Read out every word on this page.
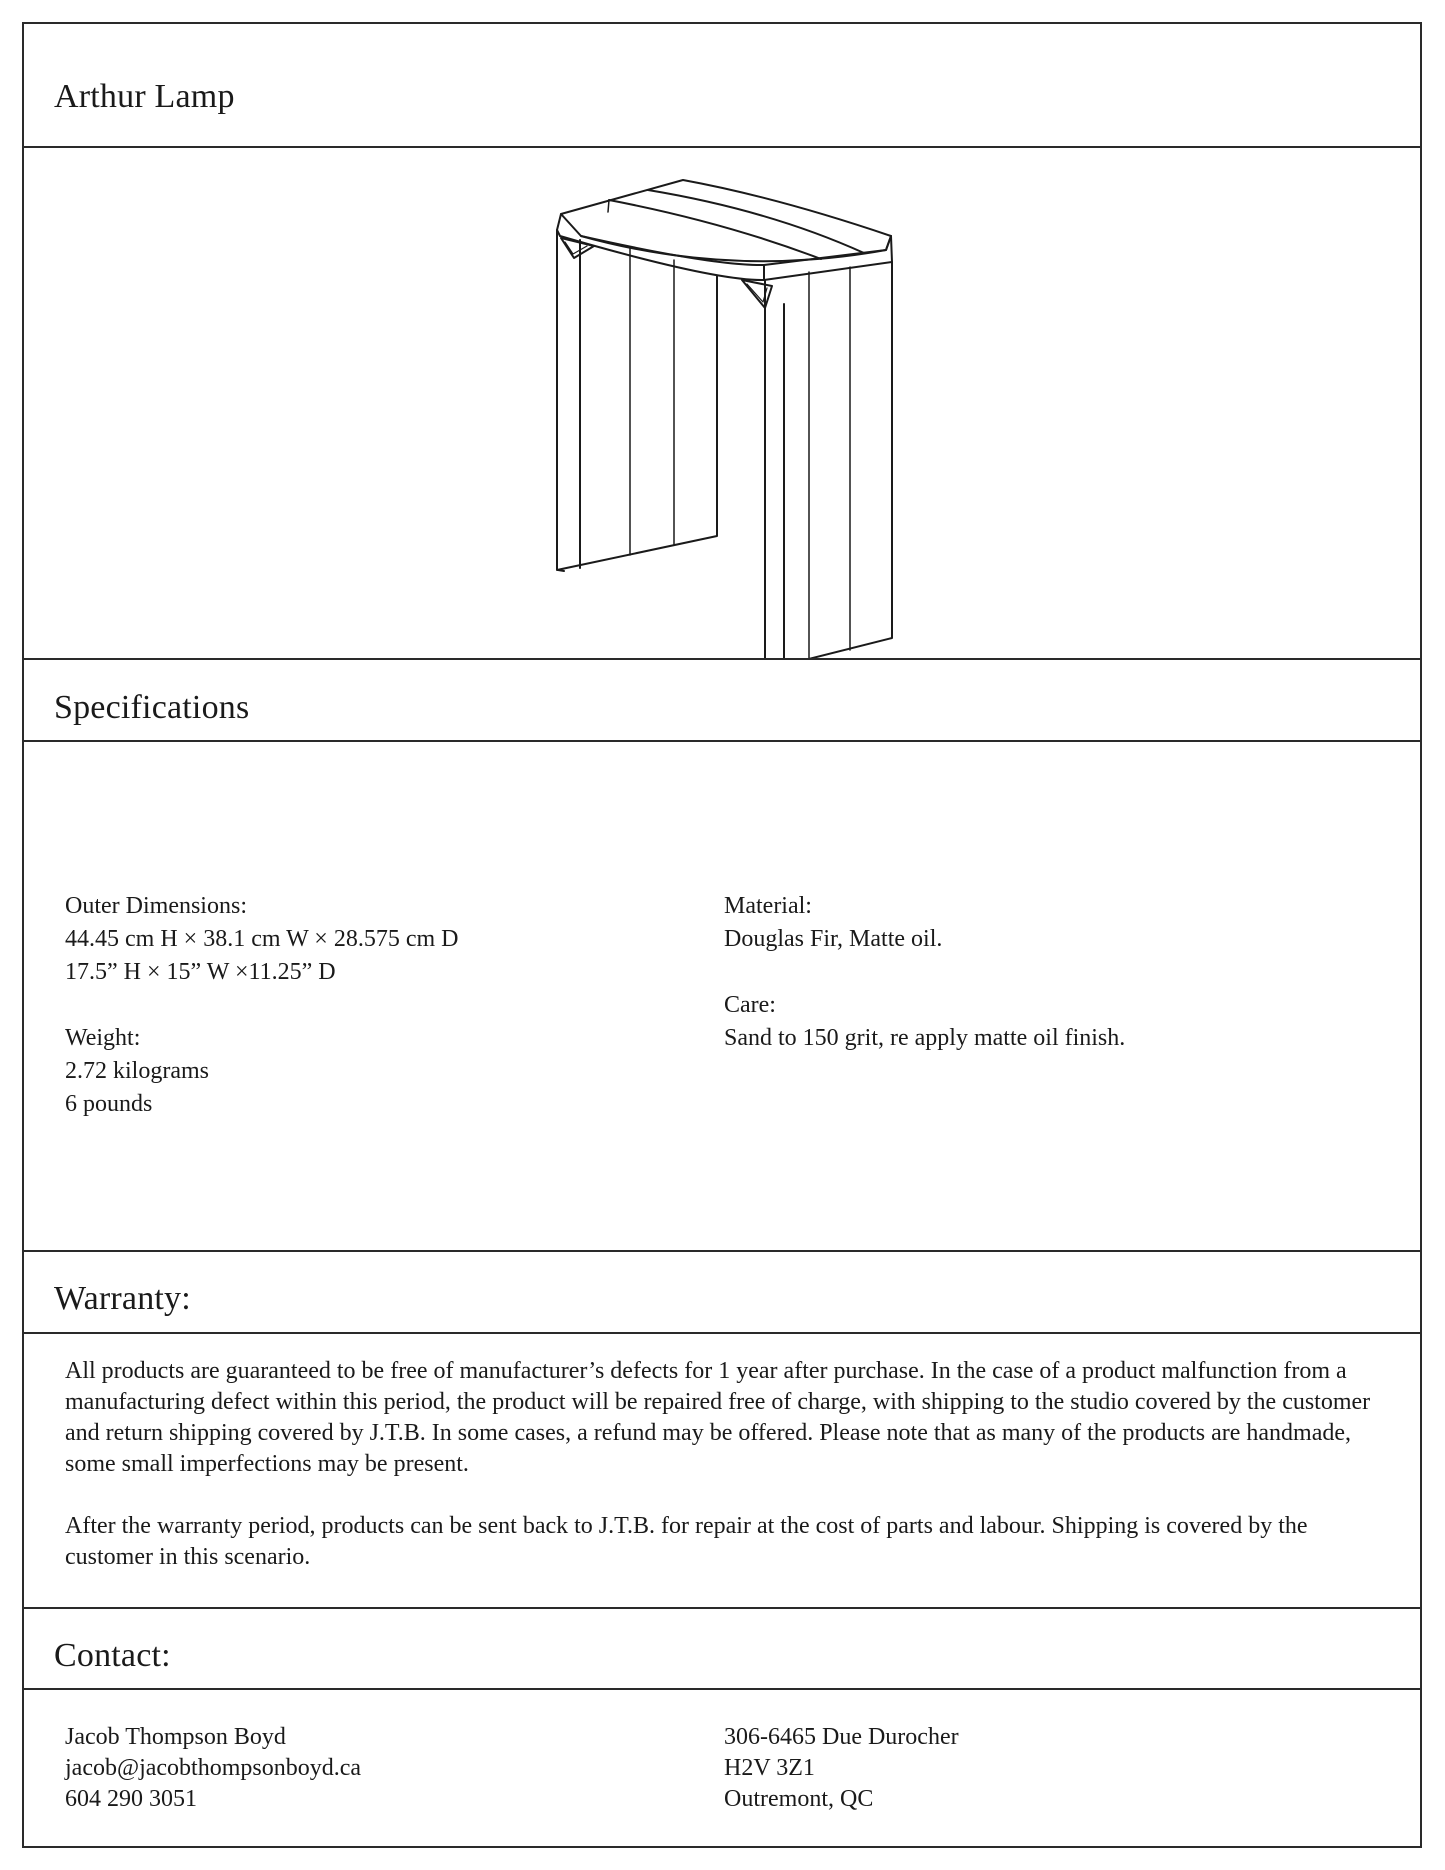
Arthur Lamp
Specifications

Outer Dimensions:

44.45 cm H × 38.1 cm W × 28.575 cm D

17.5” H × 15” W ×11.25” D

Weight:

2.72 kilograms

6 pounds

Material:

Douglas Fir, Matte oil.

Care:

Sand to 150 grit, re apply matte oil finish.

Warranty:

All products are guaranteed to be free of manufacturer’s defects for 1 year after purchase. In the case of a product malfunction from a manufacturing defect within this period, the product will be repaired free of charge, with shipping to the studio covered by the customer and return shipping covered by J.T.B. In some cases, a refund may be offered. Please note that as many of the products are handmade, some small imperfections may be present.

After the warranty period, products can be sent back to J.T.B. for repair at the cost of parts and labour. Shipping is covered by the customer in this scenario.

Contact:

Jacob Thompson Boyd

jacob@jacobthompsonboyd.ca

604 290 3051

306-6465 Due Durocher

H2V 3Z1

Outremont, QC
